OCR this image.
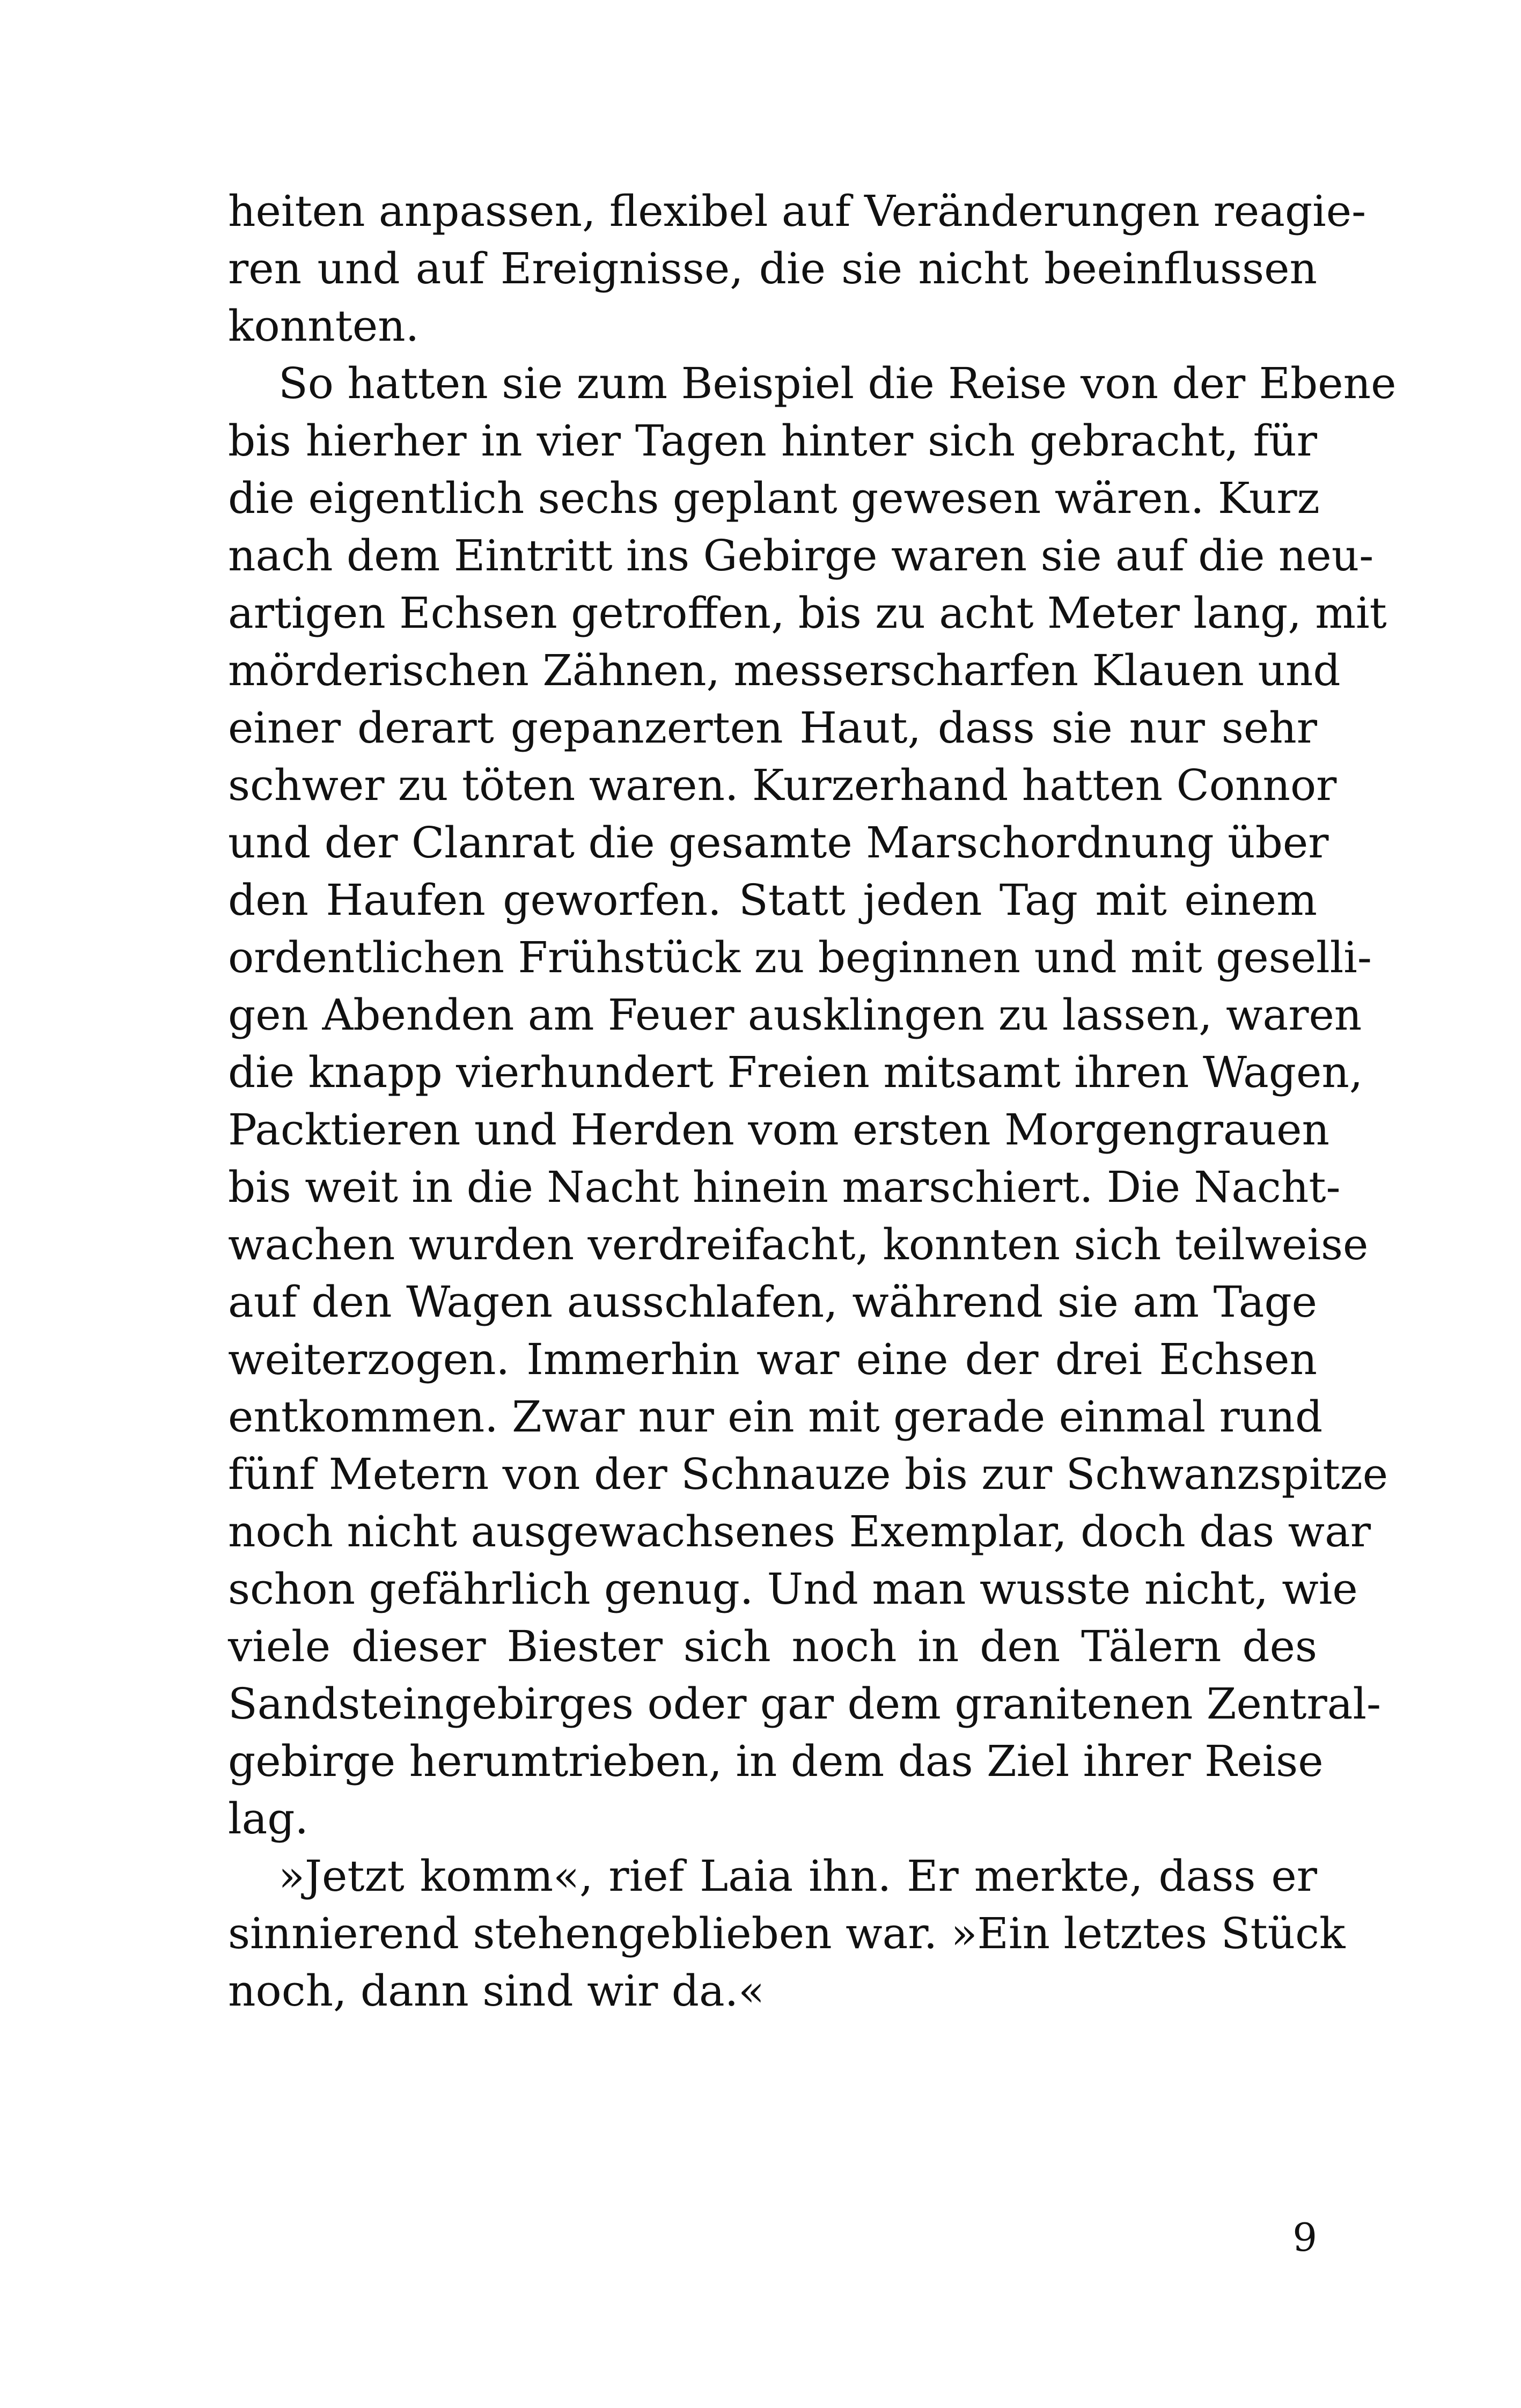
heiten anpassen, flexibel auf Veränderungen reagie-
ren und auf Ereignisse, die sie nicht beeinflussen
konnten.
So hatten sie zum Beispiel die Reise von der Ebene
bis hierher in vier Tagen hinter sich gebracht, für
die eigentlich sechs geplant gewesen wären. Kurz
nach dem Eintritt ins Gebirge waren sie auf die neu-
artigen Echsen getroffen, bis zu acht Meter lang, mit
mörderischen Zähnen, messerscharfen Klauen und
einer derart gepanzerten Haut, dass sie nur sehr
schwer zu töten waren. Kurzerhand hatten Connor
und der Clanrat die gesamte Marschordnung über
den Haufen geworfen. Statt jeden Tag mit einem
ordentlichen Frühstück zu beginnen und mit geselli-
gen Abenden am Feuer ausklingen zu lassen, waren
die knapp vierhundert Freien mitsamt ihren Wagen,
Packtieren und Herden vom ersten Morgengrauen
bis weit in die Nacht hinein marschiert. Die Nacht-
wachen wurden verdreifacht, konnten sich teilweise
auf den Wagen ausschlafen, während sie am Tage
weiterzogen. Immerhin war eine der drei Echsen
entkommen. Zwar nur ein mit gerade einmal rund
fünf Metern von der Schnauze bis zur Schwanzspitze
noch nicht ausgewachsenes Exemplar, doch das war
schon gefährlich genug. Und man wusste nicht, wie
viele dieser Biester sich noch in den Tälern des
Sandsteingebirges oder gar dem granitenen Zentral-
gebirge herumtrieben, in dem das Ziel ihrer Reise
lag.
»Jetzt komm«, rief Laia ihn. Er merkte, dass er
sinnierend stehengeblieben war. »Ein letztes Stück
noch, dann sind wir da.«
9
